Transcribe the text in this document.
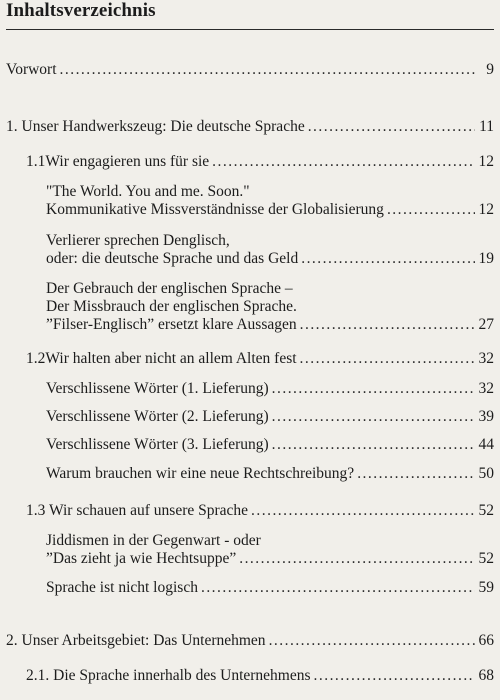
Inhaltsverzeichnis
Vorwort . . .	9
1. Unser Handwerkszeug: Die deutsche Sprache . . .	11
1.1 Wir engagieren uns für sie . . .	12
"The World. You and me. Soon."
Kommunikative Missverständnisse der Globalisierung . . .	12
Verlierer sprechen Denglisch,
oder: die deutsche Sprache und das Geld . . .	19
Der Gebrauch der englischen Sprache –
Der Missbrauch der englischen Sprache.
”Filser-Englisch” ersetzt klare Aussagen . . .	27
1.2 Wir halten aber nicht an allem Alten fest . . .	32
Verschlissene Wörter (1. Lieferung) . . .	32
Verschlissene Wörter (2. Lieferung) . . .	39
Verschlissene Wörter (3. Lieferung) . . .	44
Warum brauchen wir eine neue Rechtschreibung? . . .	50
1.3 Wir schauen auf unsere Sprache . . .	52
Jiddismen in der Gegenwart - oder
”Das zieht ja wie Hechtsuppe” . . .	52
Sprache ist nicht logisch . . .	59
2. Unser Arbeitsgebiet: Das Unternehmen . . .	66
2.1. Die Sprache innerhalb des Unternehmens . . .	68
